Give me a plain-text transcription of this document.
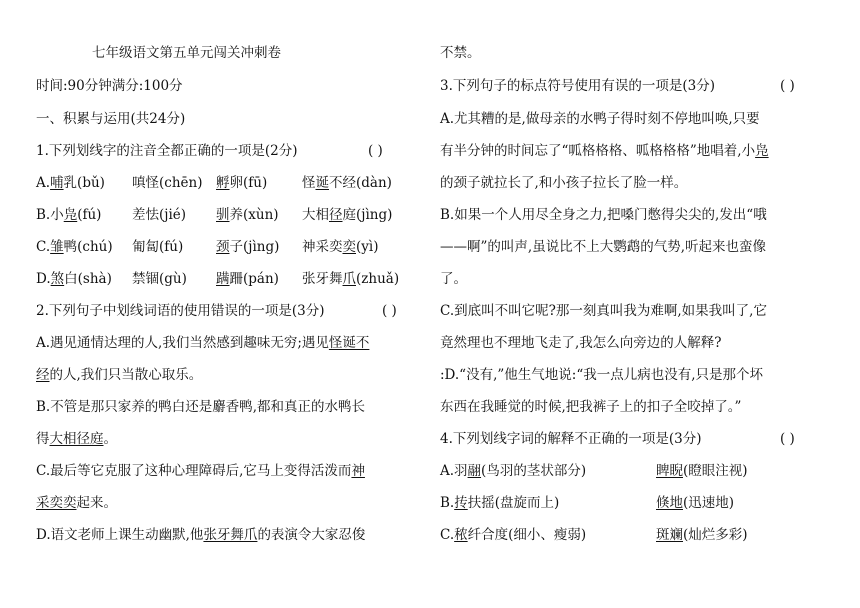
七年级语文第五单元闯关冲刺卷
时间:90分钟满分:100分
一、积累与运用(共24分)
1.下列划线字的注音全都正确的一项是(2分)	( )
A.哺乳(bǔ) 嗔怪(chēn) 孵卵(fū)	怪诞不经(dàn)
B.小凫(fú) 差怯(jié) 驯养(xùn) 大相径庭(jìng)
C.雏鸭(chú) 匍匐(fú) 颈子(jìng) 神采奕奕(yì)
D.煞白(shà) 禁锢(gù) 蹒跚(pán) 张牙舞爪(zhuǎ)
2.下列句子中划线词语的使用错误的一项是(3分)	( )
A.遇见通情达理的人,我们当然感到趣味无穷;遇见怪诞不
经的人,我们只当散心取乐。
B.不管是那只家养的鸭白还是麝香鸭,都和真正的水鸭长
得大相径庭。
C.最后等它克服了这种心理障碍后,它马上变得活泼而神
采奕奕起来。
D.语文老师上课生动幽默,他张牙舞爪的表演令大家忍俊
不禁。
3.下列句子的标点符号使用有误的一项是(3分)	( )
A.尤其糟的是,做母亲的水鸭子得时刻不停地叫唤,只要
有半分钟的时间忘了“呱格格格、呱格格格”地唱着,小凫
的颈子就拉长了,和小孩子拉长了脸一样。
B.如果一个人用尽全身之力,把嗓门憋得尖尖的,发出“哦
——啊”的叫声,虽说比不上大鹦鹉的气势,听起来也蛮像
了。
C.到底叫不叫它呢?那一刻真叫我为难啊,如果我叫了,它
竟然理也不理地飞走了,我怎么向旁边的人解释?
:D.“没有,”他生气地说:“我一点儿病也没有,只是那个坏
东西在我睡觉的时候,把我裤子上的扣子全咬掉了。”
4.下列划线字词的解释不正确的一项是(3分)	( )
A.羽翮(鸟羽的茎状部分)	睥睨(瞪眼注视)
B.抟扶摇(盘旋而上)	倏地(迅速地)
C.秾纤合度(细小、瘦弱)	斑斓(灿烂多彩)
